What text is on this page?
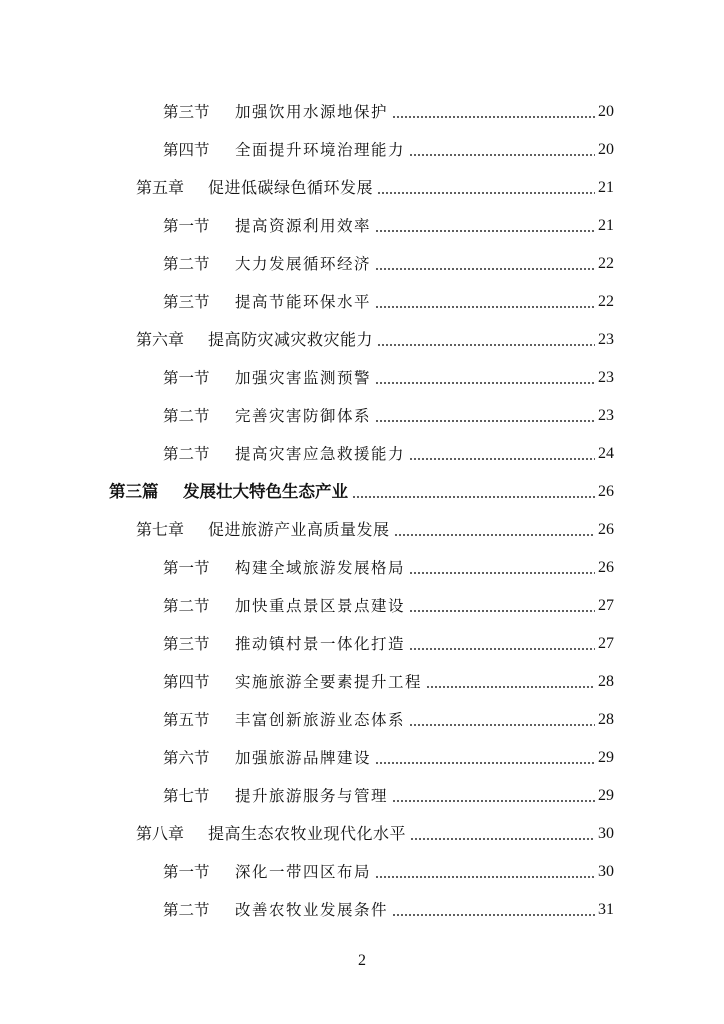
第三节	加强饮用水源地保护	20
第四节	全面提升环境治理能力	20
第五章	促进低碳绿色循环发展	21
第一节	提高资源利用效率	21
第二节	大力发展循环经济	22
第三节	提高节能环保水平	22
第六章	提高防灾减灾救灾能力	23
第一节	加强灾害监测预警	23
第二节	完善灾害防御体系	23
第二节	提高灾害应急救援能力	24
第三篇	发展壮大特色生态产业	26
第七章	促进旅游产业高质量发展	26
第一节	构建全域旅游发展格局	26
第二节	加快重点景区景点建设	27
第三节	推动镇村景一体化打造	27
第四节	实施旅游全要素提升工程	28
第五节	丰富创新旅游业态体系	28
第六节	加强旅游品牌建设	29
第七节	提升旅游服务与管理	29
第八章	提高生态农牧业现代化水平	30
第一节	深化一带四区布局	30
第二节	改善农牧业发展条件	31
2
